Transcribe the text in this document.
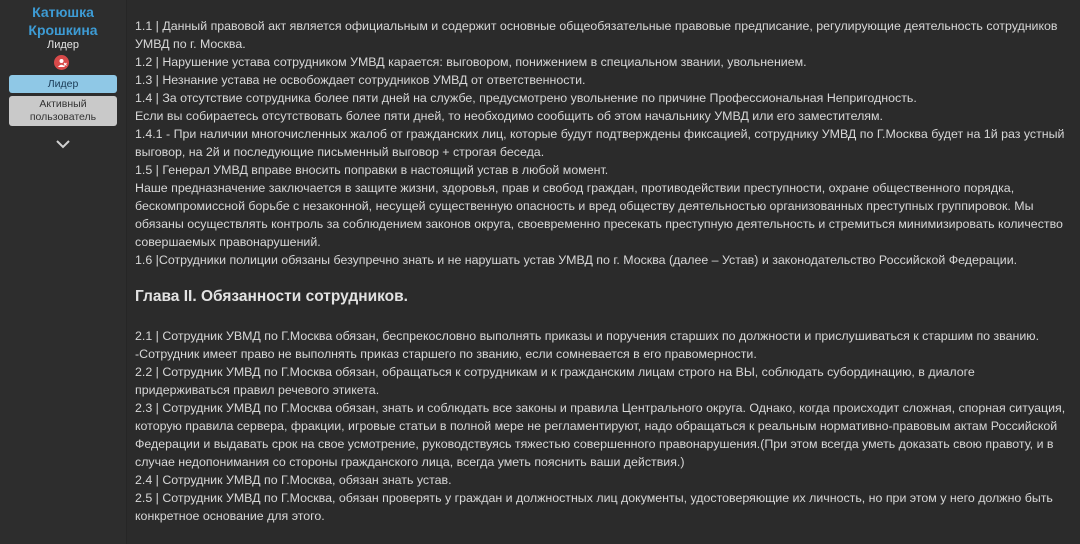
Катюшка Крошкина
Лидер
Лидер
Активный пользователь

1.1 | Данный правовой акт является официальным и содержит основные общеобязательные правовые предписание, регулирующие деятельность сотрудников УМВД по г. Москва.

1.2 | Нарушение устава сотрудником УМВД карается: выговором, понижением в специальном звании, увольнением.

1.3 | Незнание устава не освобождает сотрудников УМВД от ответственности.

1.4 | За отсутствие сотрудника более пяти дней на службе, предусмотрено увольнение по причине Профессиональная Непригодность.

Если вы собираетесь отсутствовать более пяти дней, то необходимо сообщить об этом начальнику УМВД или его заместителям.

1.4.1 - При наличии многочисленных жалоб от гражданских лиц, которые будут подтверждены фиксацией, сотруднику УМВД по Г.Москва будет на 1й раз устный выговор, на 2й и последующие письменный выговор + строгая беседа.

1.5 | Генерал УМВД вправе вносить поправки в настоящий устав в любой момент.

Наше предназначение заключается в защите жизни, здоровья, прав и свобод граждан, противодействии преступности, охране общественного порядка, бескомпромиссной борьбе с незаконной, несущей существенную опасность и вред обществу деятельностью организованных преступных группировок. Мы обязаны осуществлять контроль за соблюдением законов округа, своевременно пресекать преступную деятельность и стремиться минимизировать количество совершаемых правонарушений.

1.6 |Сотрудники полиции обязаны безупречно знать и не нарушать устав УМВД по г. Москва (далее – Устав) и законодательство Российской Федерации.

Глава II. Обязанности сотрудников.

2.1 | Сотрудник УВМД по Г.Москва обязан, беспрекословно выполнять приказы и поручения старших по должности и прислушиваться к старшим по званию.

-Сотрудник имеет право не выполнять приказ старшего по званию, если сомневается в его правомерности.

2.2 | Сотрудник УМВД по Г.Москва обязан, обращаться к сотрудникам и к гражданским лицам строго на ВЫ, соблюдать субординацию, в диалоге придерживаться правил речевого этикета.

2.3 | Сотрудник УМВД по Г.Москва обязан, знать и соблюдать все законы и правила Центрального округа. Однако, когда происходит сложная, спорная ситуация, которую правила сервера, фракции, игровые статьи в полной мере не регламентируют, надо обращаться к реальным нормативно-правовым актам Российской Федерации и выдавать срок на свое усмотрение, руководствуясь тяжестью совершенного правонарушения.(При этом всегда уметь доказать свою правоту, и в случае недопонимания со стороны гражданского лица, всегда уметь пояснить ваши действия.)

2.4 | Сотрудник УМВД по Г.Москва, обязан знать устав.

2.5 | Сотрудник УМВД по Г.Москва, обязан проверять у граждан и должностных лиц документы, удостоверяющие их личность, но при этом у него должно быть конкретное основание для этого.
